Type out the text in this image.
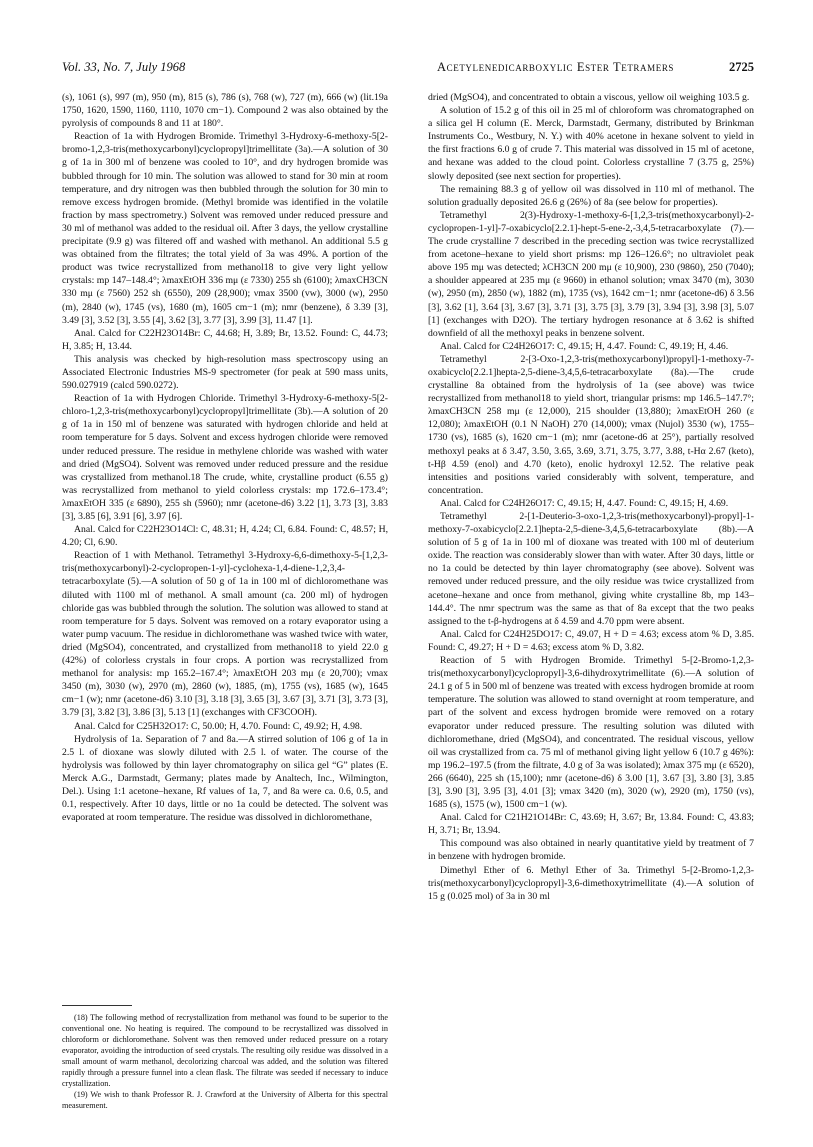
Vol. 33, No. 7, July 1968	Acetylenedicarboxylic Ester Tetramers	2725

(s), 1061 (s), 997 (m), 950 (m), 815 (s), 786 (s), 768 (w), 727 (m), 666 (w) (lit.19a 1750, 1620, 1590, 1160, 1110, 1070 cm−1). Compound 2 was also obtained by the pyrolysis of compounds 8 and 11 at 180°.

Reaction of 1a with Hydrogen Bromide. Trimethyl 3-Hydroxy-6-methoxy-5[2-bromo-1,2,3-tris(methoxycarbonyl)cyclopropyl]trimellitate (3a).—A solution of 30 g of 1a in 300 ml of benzene was cooled to 10°, and dry hydrogen bromide was bubbled through for 10 min. The solution was allowed to stand for 30 min at room temperature, and dry nitrogen was then bubbled through the solution for 30 min to remove excess hydrogen bromide. (Methyl bromide was identified in the volatile fraction by mass spectrometry.) Solvent was removed under reduced pressure and 30 ml of methanol was added to the residual oil. After 3 days, the yellow crystalline precipitate (9.9 g) was filtered off and washed with methanol. An additional 5.5 g was obtained from the filtrates; the total yield of 3a was 49%. A portion of the product was twice recrystallized from methanol18 to give very light yellow crystals: mp 147–148.4°; λmaxEtOH 336 mμ (ε 7330) 255 sh (6100); λmaxCH3CN 330 mμ (ε 7560) 252 sh (6550), 209 (28,900); νmax 3500 (vw), 3000 (w), 2950 (m), 2840 (w), 1745 (vs), 1680 (m), 1605 cm−1 (m); nmr (benzene), δ 3.39 [3], 3.49 [3], 3.52 [3], 3.55 [4], 3.62 [3], 3.77 [3], 3.99 [3], 11.47 [1].

Anal. Calcd for C22H23O14Br: C, 44.68; H, 3.89; Br, 13.52. Found: C, 44.73; H, 3.85; H, 13.44.

This analysis was checked by high-resolution mass spectroscopy using an Associated Electronic Industries MS-9 spectrometer (for peak at 590 mass units, 590.027919 (calcd 590.0272).

Reaction of 1a with Hydrogen Chloride. Trimethyl 3-Hydroxy-6-methoxy-5[2-chloro-1,2,3-tris(methoxycarbonyl)cyclopropyl]trimellitate (3b).—A solution of 20 g of 1a in 150 ml of benzene was saturated with hydrogen chloride and held at room temperature for 5 days. Solvent and excess hydrogen chloride were removed under reduced pressure. The residue in methylene chloride was washed with water and dried (MgSO4). Solvent was removed under reduced pressure and the residue was crystallized from methanol.18 The crude, white, crystalline product (6.55 g) was recrystallized from methanol to yield colorless crystals: mp 172.6–173.4°; λmaxEtOH 335 (ε 6890), 255 sh (5960); nmr (acetone-d6) 3.22 [1], 3.73 [3], 3.83 [3], 3.85 [6], 3.91 [6], 3.97 [6].

Anal. Calcd for C22H23O14Cl: C, 48.31; H, 4.24; Cl, 6.84. Found: C, 48.57; H, 4.20; Cl, 6.90.

Reaction of 1 with Methanol. Tetramethyl 3-Hydroxy-6,6-dimethoxy-5-[1,2,3-tris(methoxycarbonyl)-2-cyclopropen-1-yl]-cyclohexa-1,4-diene-1,2,3,4-tetracarboxylate (5).—A solution of 50 g of 1a in 100 ml of dichloromethane was diluted with 1100 ml of methanol. A small amount (ca. 200 ml) of hydrogen chloride gas was bubbled through the solution. The solution was allowed to stand at room temperature for 5 days. Solvent was removed on a rotary evaporator using a water pump vacuum. The residue in dichloromethane was washed twice with water, dried (MgSO4), concentrated, and crystallized from methanol18 to yield 22.0 g (42%) of colorless crystals in four crops. A portion was recrystallized from methanol for analysis: mp 165.2–167.4°; λmaxEtOH 203 mμ (ε 20,700); νmax 3450 (m), 3030 (w), 2970 (m), 2860 (w), 1885, (m), 1755 (vs), 1685 (w), 1645 cm−1 (w); nmr (acetone-d6) 3.10 [3], 3.18 [3], 3.65 [3], 3.67 [3], 3.71 [3], 3.73 [3], 3.79 [3], 3.82 [3], 3.86 [3], 5.13 [1] (exchanges with CF3COOH).

Anal. Calcd for C25H32O17: C, 50.00; H, 4.70. Found: C, 49.92; H, 4.98.

Hydrolysis of 1a. Separation of 7 and 8a.—A stirred solution of 106 g of 1a in 2.5 l. of dioxane was slowly diluted with 2.5 l. of water. The course of the hydrolysis was followed by thin layer chromatography on silica gel “G” plates (E. Merck A.G., Darmstadt, Germany; plates made by Analtech, Inc., Wilmington, Del.). Using 1:1 acetone–hexane, Rf values of 1a, 7, and 8a were ca. 0.6, 0.5, and 0.1, respectively. After 10 days, little or no 1a could be detected. The solvent was evaporated at room temperature. The residue was dissolved in dichloromethane,

(18) The following method of recrystallization from methanol was found to be superior to the conventional one. No heating is required. The compound to be recrystallized was dissolved in chloroform or dichloromethane. Solvent was then removed under reduced pressure on a rotary evaporator, avoiding the introduction of seed crystals. The resulting oily residue was dissolved in a small amount of warm methanol, decolorizing charcoal was added, and the solution was filtered rapidly through a pressure funnel into a clean flask. The filtrate was seeded if necessary to induce crystallization.

(19) We wish to thank Professor R. J. Crawford at the University of Alberta for this spectral measurement.

dried (MgSO4), and concentrated to obtain a viscous, yellow oil weighing 103.5 g.

A solution of 15.2 g of this oil in 25 ml of chloroform was chromatographed on a silica gel H column (E. Merck, Darmstadt, Germany, distributed by Brinkman Instruments Co., Westbury, N. Y.) with 40% acetone in hexane solvent to yield in the first fractions 6.0 g of crude 7. This material was dissolved in 15 ml of acetone, and hexane was added to the cloud point. Colorless crystalline 7 (3.75 g, 25%) slowly deposited (see next section for properties).

The remaining 88.3 g of yellow oil was dissolved in 110 ml of methanol. The solution gradually deposited 26.6 g (26%) of 8a (see below for properties).

Tetramethyl 2(3)-Hydroxy-1-methoxy-6-[1,2,3-tris(methoxycarbonyl)-2-cyclopropen-1-yl]-7-oxabicyclo[2.2.1]-hept-5-ene-2,-3,4,5-tetracarboxylate (7).—The crude crystalline 7 described in the preceding section was twice recrystallized from acetone–hexane to yield short prisms: mp 126–126.6°; no ultraviolet peak above 195 mμ was detected; λCH3CN 200 mμ (ε 10,900), 230 (9860), 250 (7040); a shoulder appeared at 235 mμ (ε 9660) in ethanol solution; νmax 3470 (m), 3030 (w), 2950 (m), 2850 (w), 1882 (m), 1735 (vs), 1642 cm−1; nmr (acetone-d6) δ 3.56 [3], 3.62 [1], 3.64 [3], 3.67 [3], 3.71 [3], 3.75 [3], 3.79 [3], 3.94 [3], 3.98 [3], 5.07 [1] (exchanges with D2O). The tertiary hydrogen resonance at δ 3.62 is shifted downfield of all the methoxyl peaks in benzene solvent.

Anal. Calcd for C24H26O17: C, 49.15; H, 4.47. Found: C, 49.19; H, 4.46.

Tetramethyl 2-[3-Oxo-1,2,3-tris(methoxycarbonyl)propyl]-1-methoxy-7-oxabicyclo[2.2.1]hepta-2,5-diene-3,4,5,6-tetracarboxylate (8a).—The crude crystalline 8a obtained from the hydrolysis of 1a (see above) was twice recrystallized from methanol18 to yield short, triangular prisms: mp 146.5–147.7°; λmaxCH3CN 258 mμ (ε 12,000), 215 shoulder (13,880); λmaxEtOH 260 (ε 12,080); λmaxEtOH (0.1 N NaOH) 270 (14,000); νmax (Nujol) 3530 (w), 1755–1730 (vs), 1685 (s), 1620 cm−1 (m); nmr (acetone-d6 at 25°), partially resolved methoxyl peaks at δ 3.47, 3.50, 3.65, 3.69, 3.71, 3.75, 3.77, 3.88, t-Hα 2.67 (keto), t-Hβ 4.59 (enol) and 4.70 (keto), enolic hydroxyl 12.52. The relative peak intensities and positions varied considerably with solvent, temperature, and concentration.

Anal. Calcd for C24H26O17: C, 49.15; H, 4.47. Found: C, 49.15; H, 4.69.

Tetramethyl 2-[1-Deuterio-3-oxo-1,2,3-tris(methoxycarbonyl)-propyl]-1-methoxy-7-oxabicyclo[2.2.1]hepta-2,5-diene-3,4,5,6-tetracarboxylate (8b).—A solution of 5 g of 1a in 100 ml of dioxane was treated with 100 ml of deuterium oxide. The reaction was considerably slower than with water. After 30 days, little or no 1a could be detected by thin layer chromatography (see above). Solvent was removed under reduced pressure, and the oily residue was twice crystallized from acetone–hexane and once from methanol, giving white crystalline 8b, mp 143–144.4°. The nmr spectrum was the same as that of 8a except that the two peaks assigned to the t-β-hydrogens at δ 4.59 and 4.70 ppm were absent.

Anal. Calcd for C24H25DO17: C, 49.07, H + D = 4.63; excess atom % D, 3.85. Found: C, 49.27; H + D = 4.63; excess atom % D, 3.82.

Reaction of 5 with Hydrogen Bromide. Trimethyl 5-[2-Bromo-1,2,3-tris(methoxycarbonyl)cyclopropyl]-3,6-dihydroxytrimellitate (6).—A solution of 24.1 g of 5 in 500 ml of benzene was treated with excess hydrogen bromide at room temperature. The solution was allowed to stand overnight at room temperature, and part of the solvent and excess hydrogen bromide were removed on a rotary evaporator under reduced pressure. The resulting solution was diluted with dichloromethane, dried (MgSO4), and concentrated. The residual viscous, yellow oil was crystallized from ca. 75 ml of methanol giving light yellow 6 (10.7 g 46%): mp 196.2–197.5 (from the filtrate, 4.0 g of 3a was isolated); λmax 375 mμ (ε 6520), 266 (6640), 225 sh (15,100); nmr (acetone-d6) δ 3.00 [1], 3.67 [3], 3.80 [3], 3.85 [3], 3.90 [3], 3.95 [3], 4.01 [3]; νmax 3420 (m), 3020 (w), 2920 (m), 1750 (vs), 1685 (s), 1575 (w), 1500 cm−1 (w).

Anal. Calcd for C21H21O14Br: C, 43.69; H, 3.67; Br, 13.84. Found: C, 43.83; H, 3.71; Br, 13.94.

This compound was also obtained in nearly quantitative yield by treatment of 7 in benzene with hydrogen bromide.

Dimethyl Ether of 6. Methyl Ether of 3a. Trimethyl 5-[2-Bromo-1,2,3-tris(methoxycarbonyl)cyclopropyl]-3,6-dimethoxytrimellitate (4).—A solution of 15 g (0.025 mol) of 3a in 30 ml
